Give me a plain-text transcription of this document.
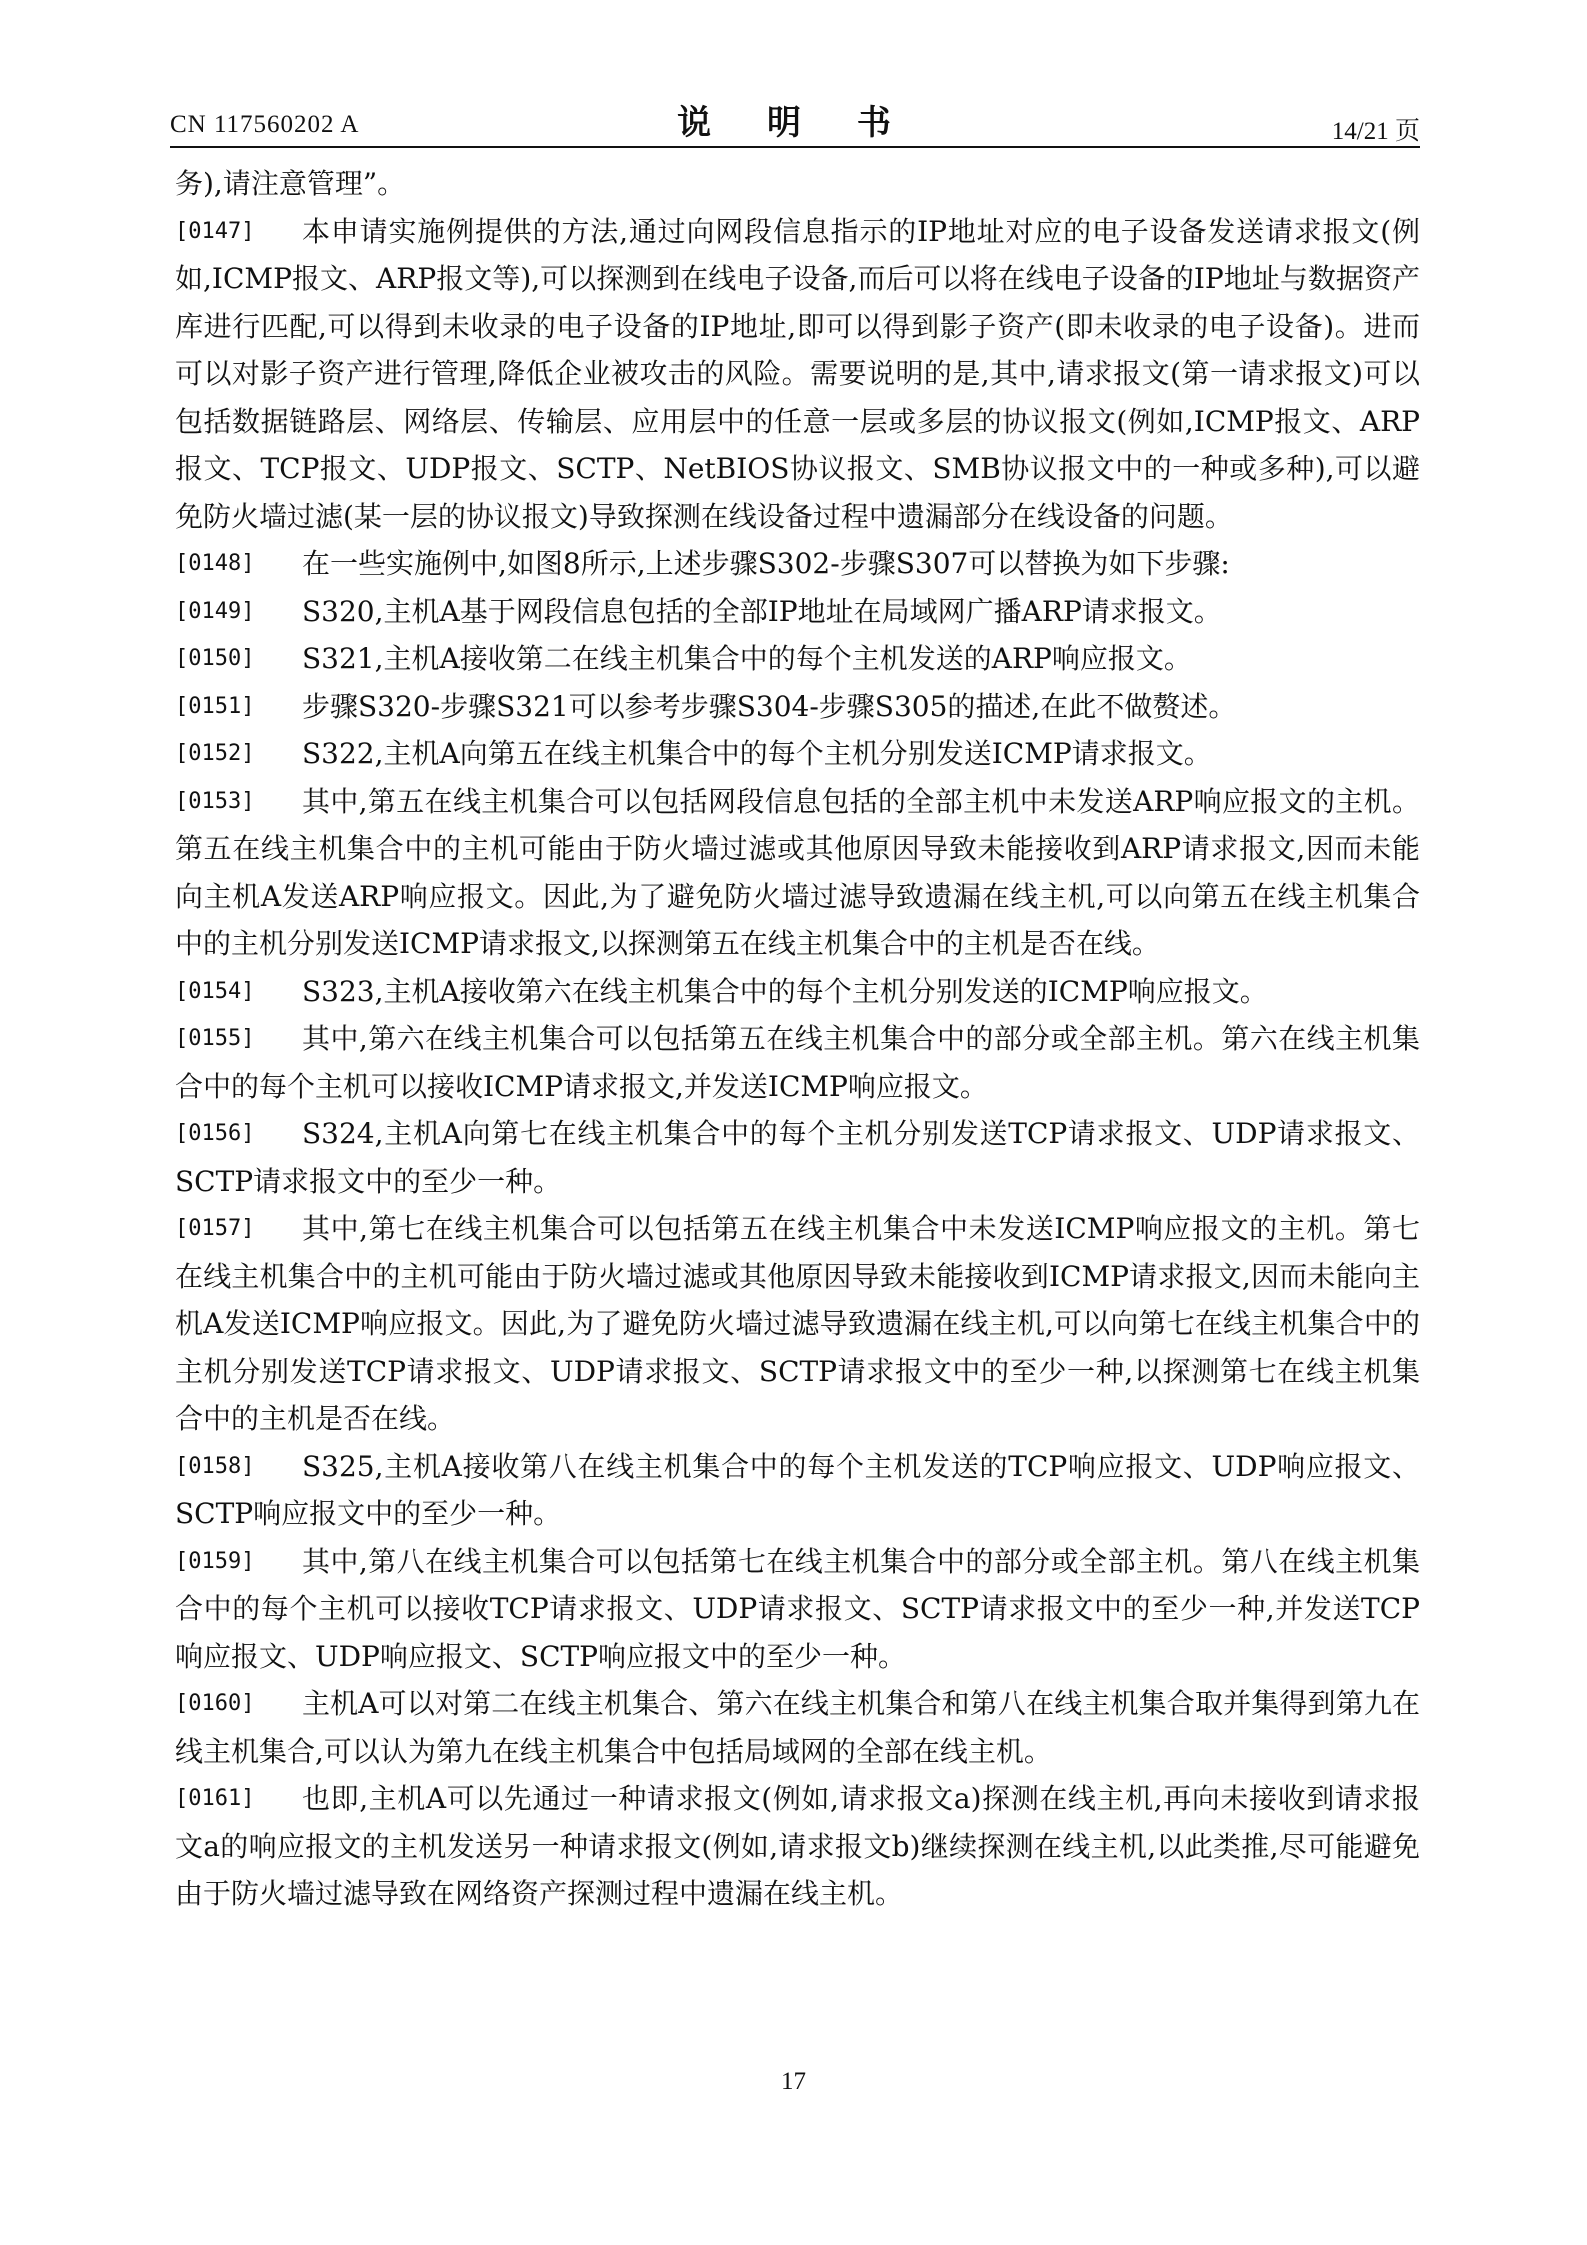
CN 117560202 A	说 明 书	14/21 页

务),请注意管理”。

[0147] 本申请实施例提供的方法,通过向网段信息指示的IP地址对应的电子设备发送请求报文(例如,ICMP报文、ARP报文等),可以探测到在线电子设备,而后可以将在线电子设备的IP地址与数据资产库进行匹配,可以得到未收录的电子设备的IP地址,即可以得到影子资产(即未收录的电子设备)。进而可以对影子资产进行管理,降低企业被攻击的风险。需要说明的是,其中,请求报文(第一请求报文)可以包括数据链路层、网络层、传输层、应用层中的任意一层或多层的协议报文(例如,ICMP报文、ARP报文、TCP报文、UDP报文、SCTP、NetBIOS协议报文、SMB协议报文中的一种或多种),可以避免防火墙过滤(某一层的协议报文)导致探测在线设备过程中遗漏部分在线设备的问题。

[0148] 在一些实施例中,如图8所示,上述步骤S302-步骤S307可以替换为如下步骤:

[0149] S320,主机A基于网段信息包括的全部IP地址在局域网广播ARP请求报文。

[0150] S321,主机A接收第二在线主机集合中的每个主机发送的ARP响应报文。

[0151] 步骤S320-步骤S321可以参考步骤S304-步骤S305的描述,在此不做赘述。

[0152] S322,主机A向第五在线主机集合中的每个主机分别发送ICMP请求报文。

[0153] 其中,第五在线主机集合可以包括网段信息包括的全部主机中未发送ARP响应报文的主机。第五在线主机集合中的主机可能由于防火墙过滤或其他原因导致未能接收到ARP请求报文,因而未能向主机A发送ARP响应报文。因此,为了避免防火墙过滤导致遗漏在线主机,可以向第五在线主机集合中的主机分别发送ICMP请求报文,以探测第五在线主机集合中的主机是否在线。

[0154] S323,主机A接收第六在线主机集合中的每个主机分别发送的ICMP响应报文。

[0155] 其中,第六在线主机集合可以包括第五在线主机集合中的部分或全部主机。第六在线主机集合中的每个主机可以接收ICMP请求报文,并发送ICMP响应报文。

[0156] S324,主机A向第七在线主机集合中的每个主机分别发送TCP请求报文、UDP请求报文、SCTP请求报文中的至少一种。

[0157] 其中,第七在线主机集合可以包括第五在线主机集合中未发送ICMP响应报文的主机。第七在线主机集合中的主机可能由于防火墙过滤或其他原因导致未能接收到ICMP请求报文,因而未能向主机A发送ICMP响应报文。因此,为了避免防火墙过滤导致遗漏在线主机,可以向第七在线主机集合中的主机分别发送TCP请求报文、UDP请求报文、SCTP请求报文中的至少一种,以探测第七在线主机集合中的主机是否在线。

[0158] S325,主机A接收第八在线主机集合中的每个主机发送的TCP响应报文、UDP响应报文、SCTP响应报文中的至少一种。

[0159] 其中,第八在线主机集合可以包括第七在线主机集合中的部分或全部主机。第八在线主机集合中的每个主机可以接收TCP请求报文、UDP请求报文、SCTP请求报文中的至少一种,并发送TCP响应报文、UDP响应报文、SCTP响应报文中的至少一种。

[0160] 主机A可以对第二在线主机集合、第六在线主机集合和第八在线主机集合取并集得到第九在线主机集合,可以认为第九在线主机集合中包括局域网的全部在线主机。

[0161] 也即,主机A可以先通过一种请求报文(例如,请求报文a)探测在线主机,再向未接收到请求报文a的响应报文的主机发送另一种请求报文(例如,请求报文b)继续探测在线主机,以此类推,尽可能避免由于防火墙过滤导致在网络资产探测过程中遗漏在线主机。

17
